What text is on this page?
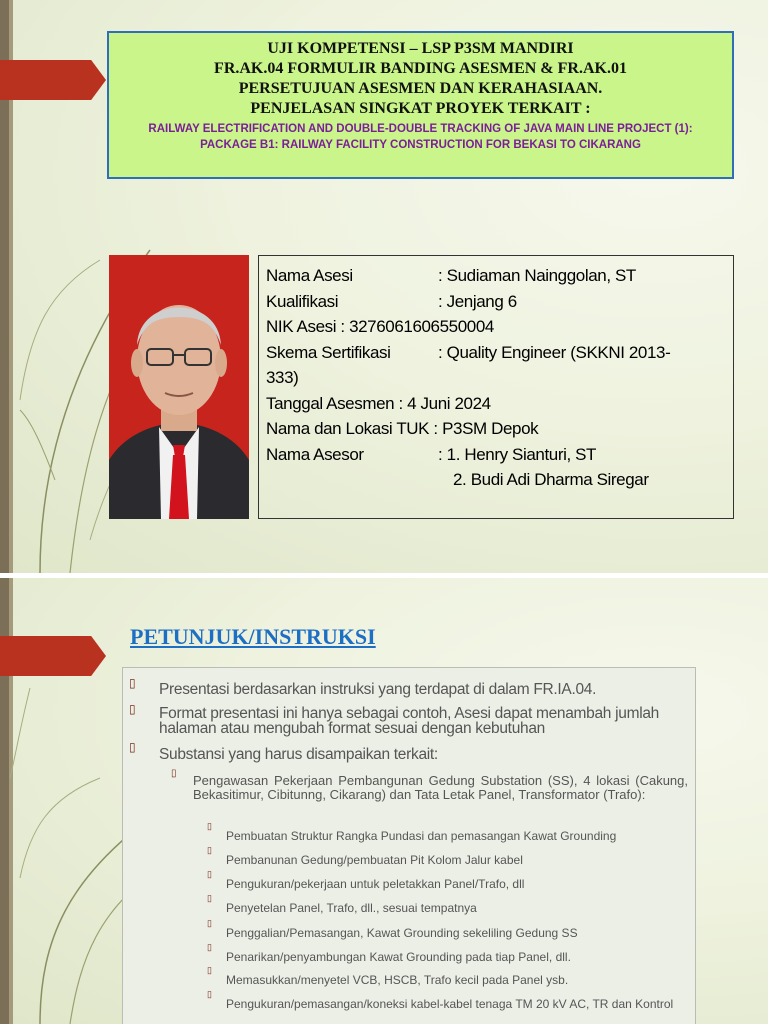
UJI KOMPETENSI – LSP P3SM MANDIRI
FR.AK.04 FORMULIR BANDING ASESMEN & FR.AK.01
PERSETUJUAN ASESMEN DAN KERAHASIAAN.
PENJELASAN SINGKAT PROYEK TERKAIT :
RAILWAY ELECTRIFICATION AND DOUBLE-DOUBLE TRACKING OF JAVA MAIN LINE PROJECT (1):
PACKAGE B1: RAILWAY FACILITY CONSTRUCTION FOR BEKASI TO CIKARANG
Nama Asesi	: Sudiaman Nainggolan, ST

Kualifikasi	: Jenjang 6

NIK Asesi : 3276061606550004
Skema Sertifikasi	: Quality Engineer (SKKNI 2013-

333)
Tanggal Asesmen : 4 Juni 2024
Nama dan Lokasi TUK : P3SM Depok
Nama Asesor	: 1. Henry Sianturi, ST

2. Budi Adi Dharma Siregar

PETUNJUK/INSTRUKSI
▯ Presentasi berdasarkan instruksi yang terdapat di dalam FR.IA.04.
▯ Format presentasi ini hanya sebagai contoh, Asesi dapat menambah jumlah halaman atau mengubah format sesuai dengan kebutuhan
▯ Substansi yang harus disampaikan terkait:
▯ Pengawasan Pekerjaan Pembangunan Gedung Substation (SS), 4 lokasi (Cakung, Bekasitimur, Cibitunng, Cikarang) dan Tata Letak Panel, Transformator (Trafo):
▯
Pembuatan Struktur Rangka Pundasi dan pemasangan Kawat Grounding
▯
Pembanunan Gedung/pembuatan Pit Kolom Jalur kabel
▯
Pengukuran/pekerjaan untuk peletakkan Panel/Trafo, dll
▯
Penyetelan Panel, Trafo, dll., sesuai tempatnya
▯
Penggalian/Pemasangan, Kawat Grounding sekeliling Gedung SS
▯
Penarikan/penyambungan Kawat Grounding pada tiap Panel, dll.
▯
Memasukkan/menyetel VCB, HSCB, Trafo kecil pada Panel ysb.
▯
Pengukuran/pemasangan/koneksi kabel-kabel tenaga TM 20 kV AC, TR dan Kontrol
